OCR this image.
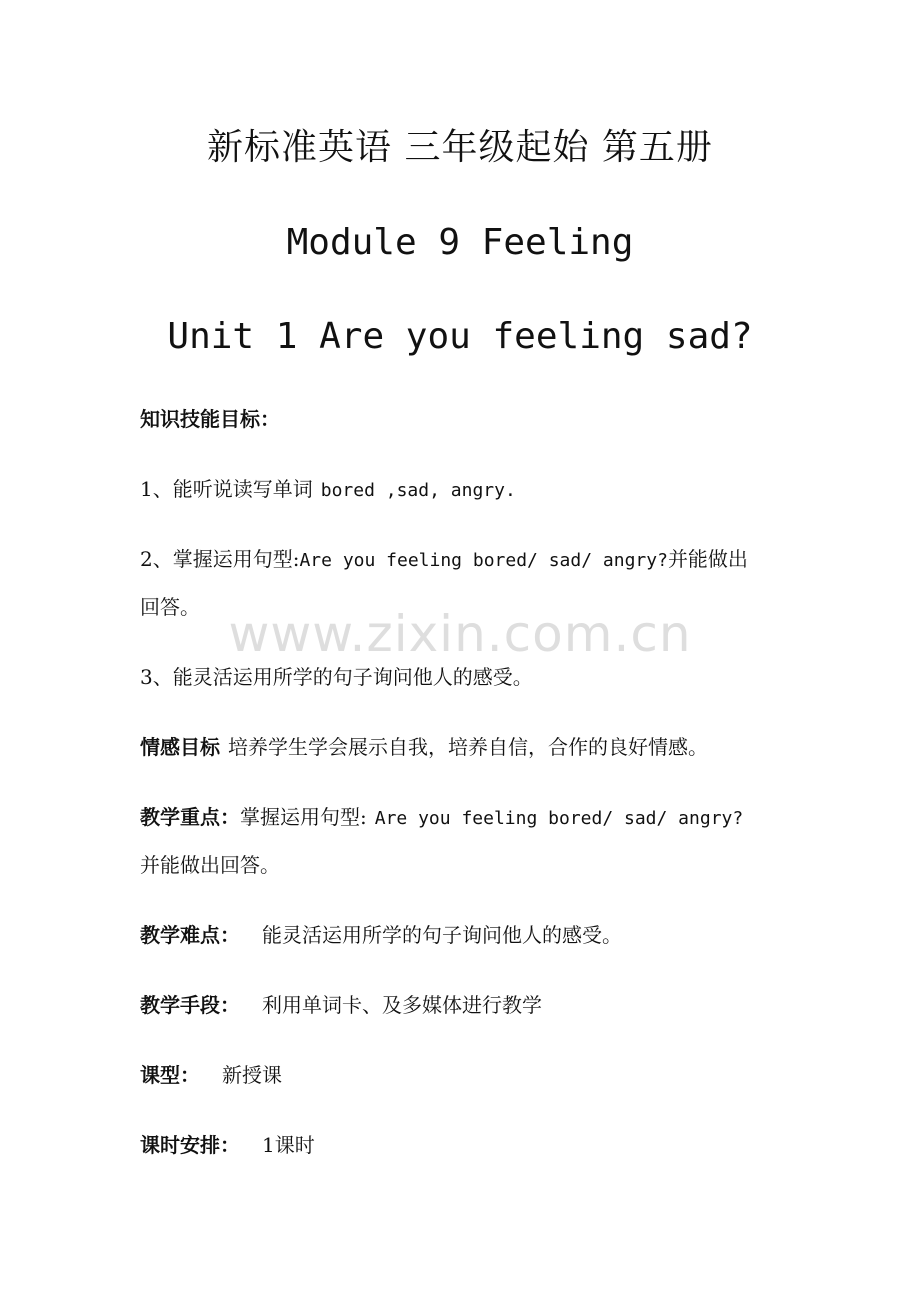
www.zixin.com.cn
新标准英语 三年级起始 第五册
Module 9 Feeling
Unit 1 Are you feeling sad?
知识技能目标：
1、能听说读写单词 bored ,sad, angry.
2、掌握运用句型:Are you feeling bored/ sad/ angry?并能做出
回答。
3、能灵活运用所学的句子询问他人的感受。
情感目标 培养学生学会展示自我，培养自信，合作的良好情感。
教学重点：掌握运用句型: Are you feeling bored/ sad/ angry?
并能做出回答。
教学难点： 能灵活运用所学的句子询问他人的感受。
教学手段： 利用单词卡、及多媒体进行教学
课型： 新授课
课时安排： 1课时
